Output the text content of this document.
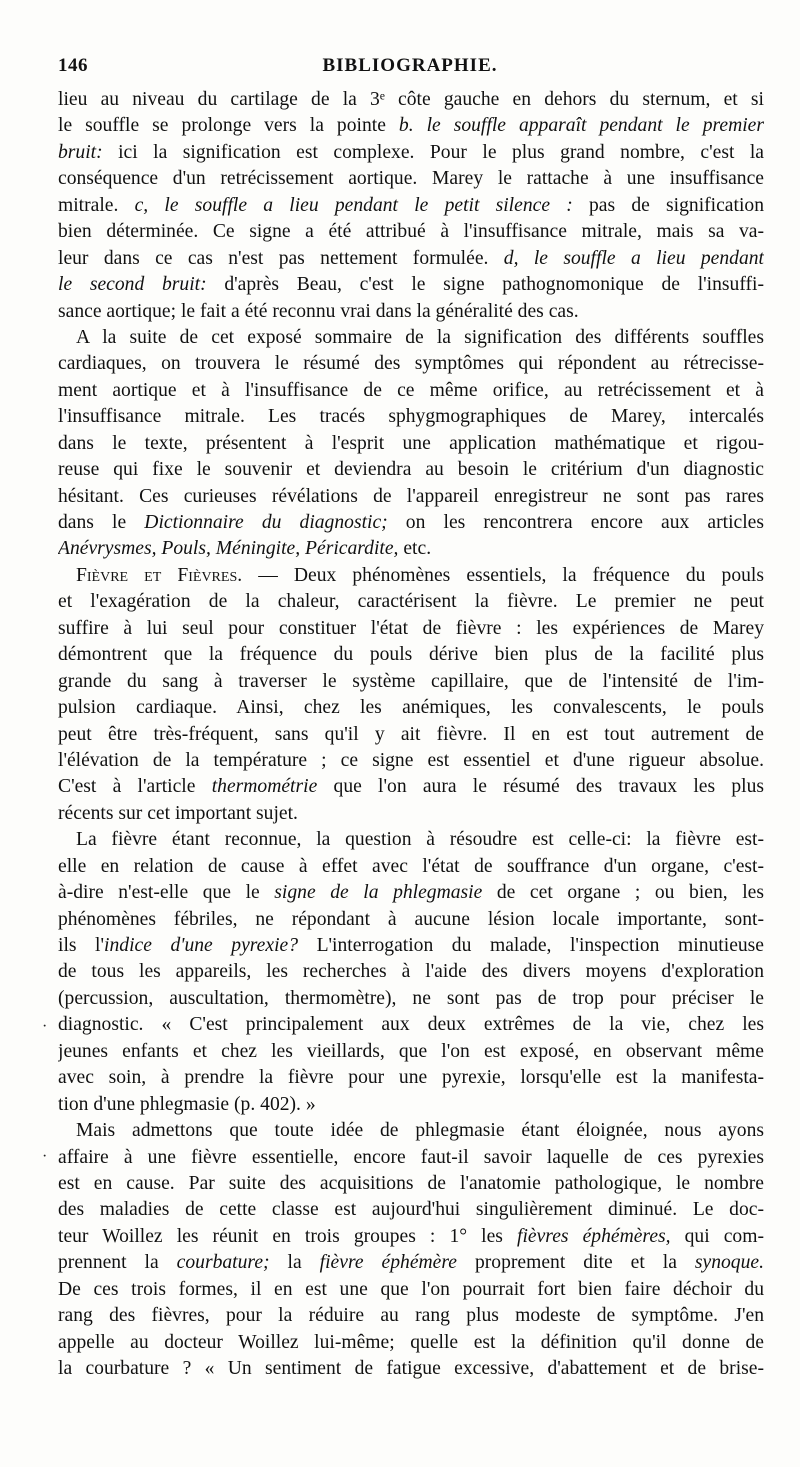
146	BIBLIOGRAPHIE.
lieu au niveau du cartilage de la 3ᵉ côte gauche en dehors du sternum, et si
le souffle se prolonge vers la pointe b. le souffle apparaît pendant le premier
bruit: ici la signification est complexe. Pour le plus grand nombre, c'est la
conséquence d'un retrécissement aortique. Marey le rattache à une insuffisance
mitrale. c, le souffle a lieu pendant le petit silence : pas de signification
bien déterminée. Ce signe a été attribué à l'insuffisance mitrale, mais sa va-
leur dans ce cas n'est pas nettement formulée. d, le souffle a lieu pendant
le second bruit: d'après Beau, c'est le signe pathognomonique de l'insuffi-
sance aortique; le fait a été reconnu vrai dans la généralité des cas.
A la suite de cet exposé sommaire de la signification des différents souffles
cardiaques, on trouvera le résumé des symptômes qui répondent au rétrecisse-
ment aortique et à l'insuffisance de ce même orifice, au retrécissement et à
l'insuffisance mitrale. Les tracés sphygmographiques de Marey, intercalés
dans le texte, présentent à l'esprit une application mathématique et rigou-
reuse qui fixe le souvenir et deviendra au besoin le critérium d'un diagnostic
hésitant. Ces curieuses révélations de l'appareil enregistreur ne sont pas rares
dans le Dictionnaire du diagnostic; on les rencontrera encore aux articles
Anévrysmes, Pouls, Méningite, Péricardite, etc.
Fièvre et Fièvres. — Deux phénomènes essentiels, la fréquence du pouls
et l'exagération de la chaleur, caractérisent la fièvre. Le premier ne peut
suffire à lui seul pour constituer l'état de fièvre : les expériences de Marey
démontrent que la fréquence du pouls dérive bien plus de la facilité plus
grande du sang à traverser le système capillaire, que de l'intensité de l'im-
pulsion cardiaque. Ainsi, chez les anémiques, les convalescents, le pouls
peut être très-fréquent, sans qu'il y ait fièvre. Il en est tout autrement de
l'élévation de la température ; ce signe est essentiel et d'une rigueur absolue.
C'est à l'article thermométrie que l'on aura le résumé des travaux les plus
récents sur cet important sujet.
La fièvre étant reconnue, la question à résoudre est celle-ci: la fièvre est-
elle en relation de cause à effet avec l'état de souffrance d'un organe, c'est-
à-dire n'est-elle que le signe de la phlegmasie de cet organe ; ou bien, les
phénomènes fébriles, ne répondant à aucune lésion locale importante, sont-
ils l'indice d'une pyrexie? L'interrogation du malade, l'inspection minutieuse
de tous les appareils, les recherches à l'aide des divers moyens d'exploration
(percussion, auscultation, thermomètre), ne sont pas de trop pour préciser le
diagnostic. « C'est principalement aux deux extrêmes de la vie, chez les
jeunes enfants et chez les vieillards, que l'on est exposé, en observant même
avec soin, à prendre la fièvre pour une pyrexie, lorsqu'elle est la manifesta-
tion d'une phlegmasie (p. 402). »
Mais admettons que toute idée de phlegmasie étant éloignée, nous ayons
affaire à une fièvre essentielle, encore faut-il savoir laquelle de ces pyrexies
est en cause. Par suite des acquisitions de l'anatomie pathologique, le nombre
des maladies de cette classe est aujourd'hui singulièrement diminué. Le doc-
teur Woillez les réunit en trois groupes : 1° les fièvres éphémères, qui com-
prennent la courbature; la fièvre éphémère proprement dite et la synoque.
De ces trois formes, il en est une que l'on pourrait fort bien faire déchoir du
rang des fièvres, pour la réduire au rang plus modeste de symptôme. J'en
appelle au docteur Woillez lui-même; quelle est la définition qu'il donne de
la courbature ? « Un sentiment de fatigue excessive, d'abattement et de brise-
·
·
